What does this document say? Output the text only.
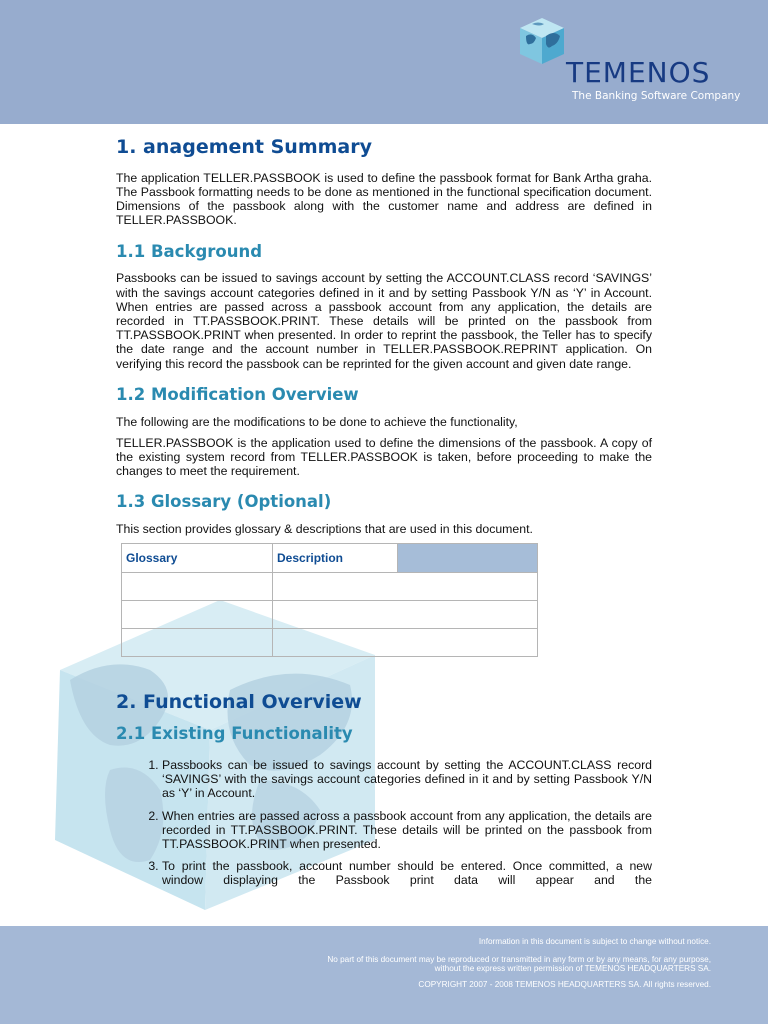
TEMENOS
The Banking Software Company
1. anagement Summary

The application TELLER.PASSBOOK is used to define the passbook format for Bank Artha graha. The Passbook formatting needs to be done as mentioned in the functional specification document. Dimensions of the passbook along with the customer name and address are defined in TELLER.PASSBOOK.

1.1 Background

Passbooks can be issued to savings account by setting the ACCOUNT.CLASS record ‘SAVINGS’ with the savings account categories defined in it and by setting Passbook Y/N as ‘Y’ in Account. When entries are passed across a passbook account from any application, the details are recorded in TT.PASSBOOK.PRINT. These details will be printed on the passbook from TT.PASSBOOK.PRINT when presented. In order to reprint the passbook, the Teller has to specify the date range and the account number in TELLER.PASSBOOK.REPRINT application. On verifying this record the passbook can be reprinted for the given account and given date range.

1.2 Modification Overview

The following are the modifications to be done to achieve the functionality,

TELLER.PASSBOOK is the application used to define the dimensions of the passbook. A copy of the existing system record from TELLER.PASSBOOK is taken, before proceeding to make the changes to meet the requirement.

1.3 Glossary (Optional)

This section provides glossary & descriptions that are used in this document.

Glossary	Description	

2. Functional Overview
2.1 Existing Functionality
1. Passbooks can be issued to savings account by setting the ACCOUNT.CLASS record ‘SAVINGS’ with the savings account categories defined in it and by setting Passbook Y/N as ‘Y’ in Account.
2. When entries are passed across a passbook account from any application, the details are recorded in TT.PASSBOOK.PRINT. These details will be printed on the passbook from TT.PASSBOOK.PRINT when presented.
3. To print the passbook, account number should be entered. Once committed, a new window displaying the Passbook print data will appear and the
Information in this document is subject to change without notice.
No part of this document may be reproduced or transmitted in any form or by any means, for any purpose,
without the express written permission of TEMENOS HEADQUARTERS SA.
COPYRIGHT 2007 - 2008 TEMENOS HEADQUARTERS SA. All rights reserved.
